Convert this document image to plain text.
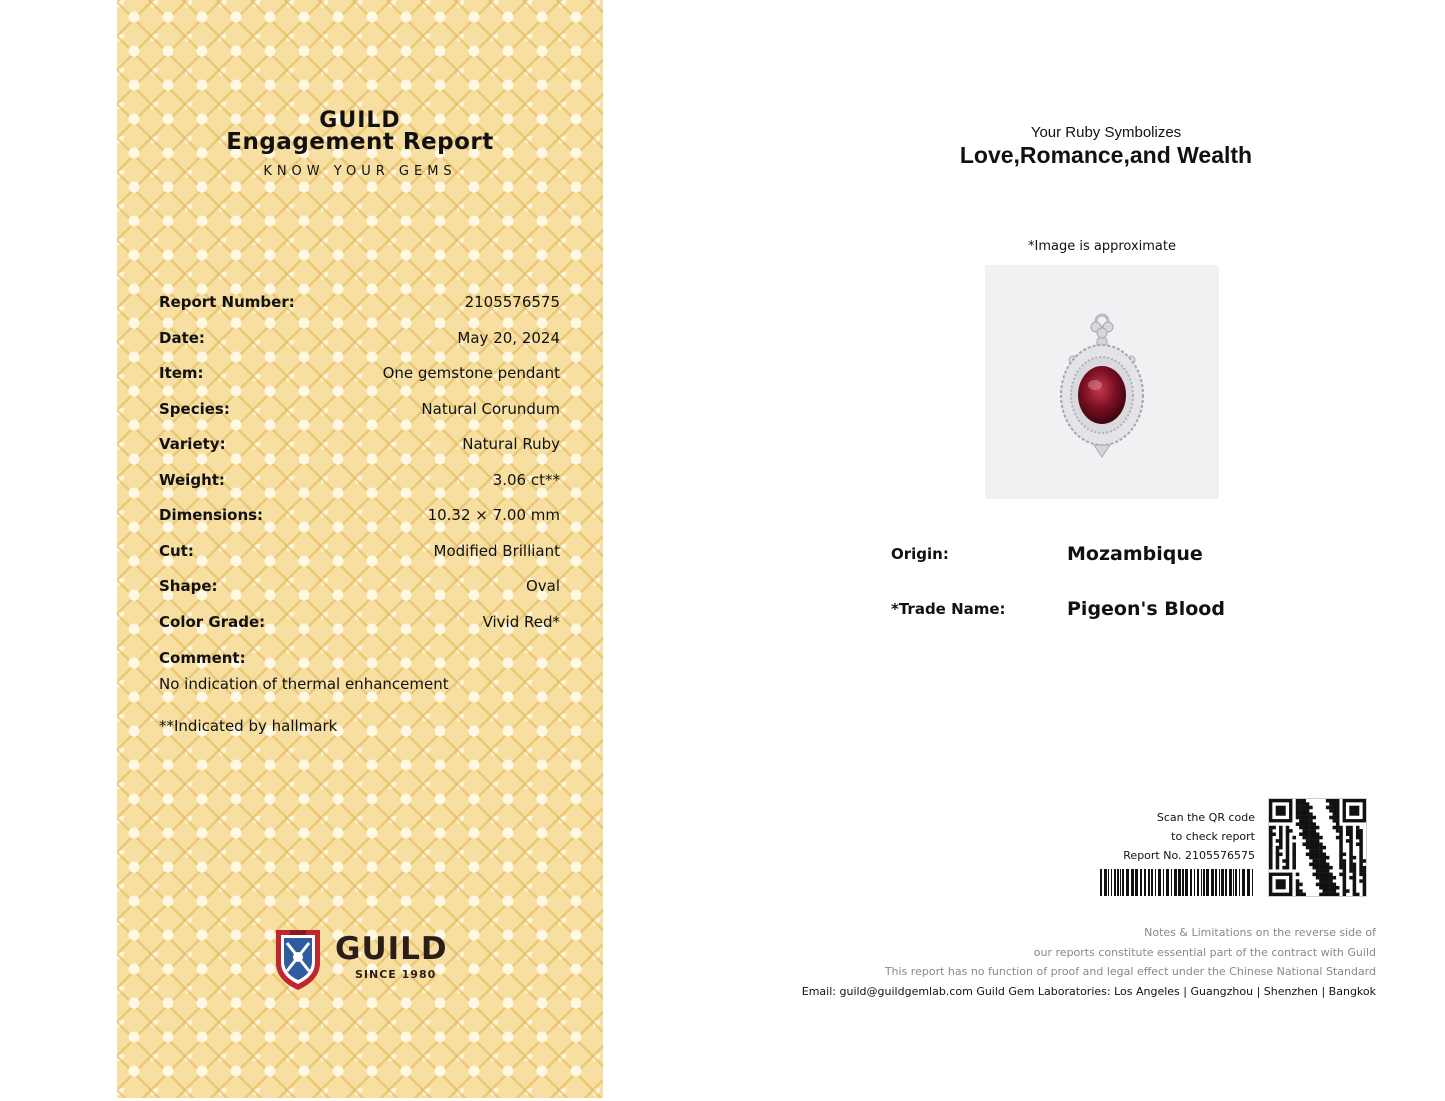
GUILD
Engagement Report
KNOW YOUR GEMS
Report Number:	2105576575
Date:	May 20, 2024
Item:	One gemstone pendant
Species:	Natural Corundum
Variety:	Natural Ruby
Weight:	3.06 ct**
Dimensions:	10.32 × 7.00 mm
Cut:	Modified Brilliant
Shape:	Oval
Color Grade:	Vivid Red*
Comment:
No indication of thermal enhancement
**Indicated by hallmark
GUILD
SINCE 1980
Your Ruby Symbolizes
Love,Romance,and Wealth
*Image is approximate
Origin:	Mozambique
*Trade Name:	Pigeon's Blood
Scan the QR code
to check report
Report No. 2105576575
Notes & Limitations on the reverse side of
our reports constitute essential part of the contract with Guild
This report has no function of proof and legal effect under the Chinese National Standard
Email: guild@guildgemlab.com Guild Gem Laboratories: Los Angeles | Guangzhou | Shenzhen | Bangkok
